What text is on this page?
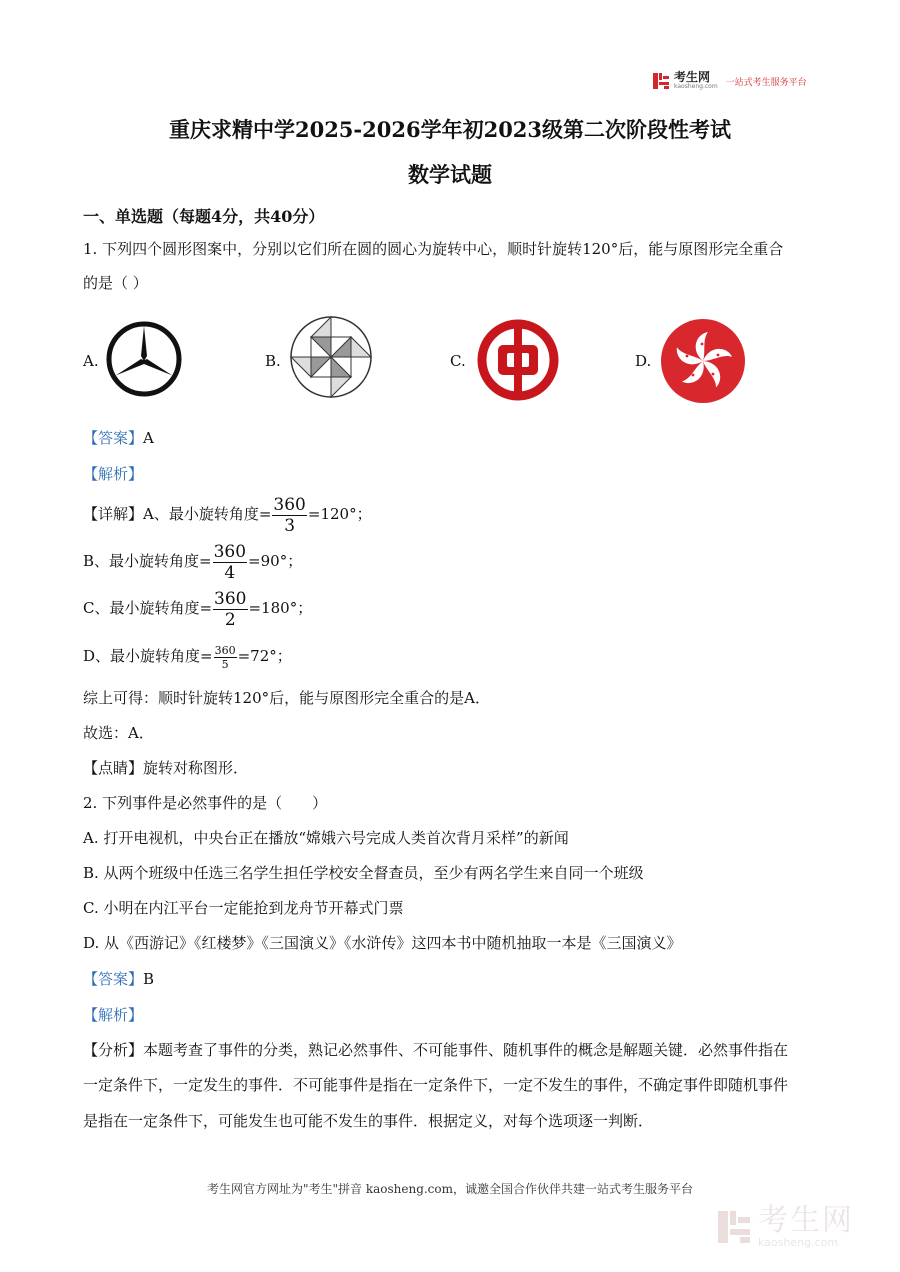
考生网
kaosheng.com 一站式考生服务平台
重庆求精中学2025-2026学年初2023级第二次阶段性考试
数学试题
一、单选题（每题4分，共40分）
1. 下列四个圆形图案中，分别以它们所在圆的圆心为旋转中心，顺时针旋转120°后，能与原图形完全重合
的是（ ）
A.	B.	C.	D.
【答案】A
【解析】
【详解】A、最小旋转角度= $\frac{360}{3} =120^\circ$；
B、最小旋转角度= $\frac{360}{4} =90^\circ$；
C、最小旋转角度= $\frac{360}{2} =180^\circ$；
D、最小旋转角度= $\frac{360}{5} =72^\circ$；
综上可得：顺时针旋转120°后，能与原图形完全重合的是A．
故选：A．
【点睛】旋转对称图形．
2. 下列事件是必然事件的是（　　）
A. 打开电视机，中央台正在播放“嫦娥六号完成人类首次背月采样”的新闻
B. 从两个班级中任选三名学生担任学校安全督查员，至少有两名学生来自同一个班级
C. 小明在内江平台一定能抢到龙舟节开幕式门票
D. 从《西游记》《红楼梦》《三国演义》《水浒传》这四本书中随机抽取一本是《三国演义》
【答案】B
【解析】
【分析】本题考查了事件的分类，熟记必然事件、不可能事件、随机事件的概念是解题关键．必然事件指在
一定条件下，一定发生的事件．不可能事件是指在一定条件下，一定不发生的事件，不确定事件即随机事件
是指在一定条件下，可能发生也可能不发生的事件．根据定义，对每个选项逐一判断．
考生网官方网址为"考生"拼音 kaosheng.com，诚邀全国合作伙伴共建一站式考生服务平台
考生网
kaosheng.com
